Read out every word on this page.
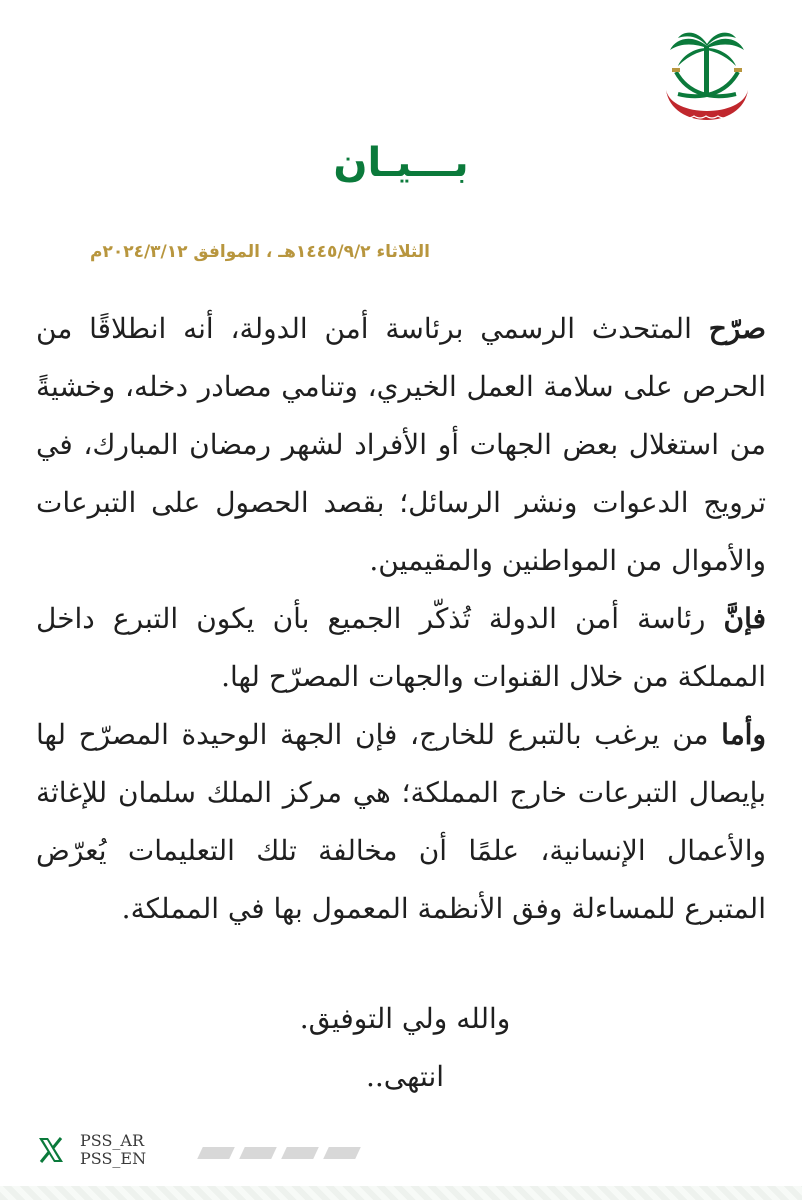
بـــيـان
الثلاثاء ١٤٤٥/٩/٢هـ ، الموافق ٢٠٢٤/٣/١٢م

صرّح المتحدث الرسمي برئاسة أمن الدولة، أنه انطلاقًا من الحرص على سلامة العمل الخيري، وتنامي مصادر دخله، وخشيةً من استغلال بعض الجهات أو الأفراد لشهر رمضان المبارك، في ترويج الدعوات ونشر الرسائل؛ بقصد الحصول على التبرعات والأموال من المواطنين والمقيمين.

فإنَّ رئاسة أمن الدولة تُذكّر الجميع بأن يكون التبرع داخل المملكة من خلال القنوات والجهات المصرّح لها.

وأما من يرغب بالتبرع للخارج، فإن الجهة الوحيدة المصرّح لها بإيصال التبرعات خارج المملكة؛ هي مركز الملك سلمان للإغاثة والأعمال الإنسانية، علمًا أن مخالفة تلك التعليمات يُعرّض المتبرع للمساءلة وفق الأنظمة المعمول بها في المملكة.

والله ولي التوفيق.
انتهى..
PSS_AR
PSS_EN
